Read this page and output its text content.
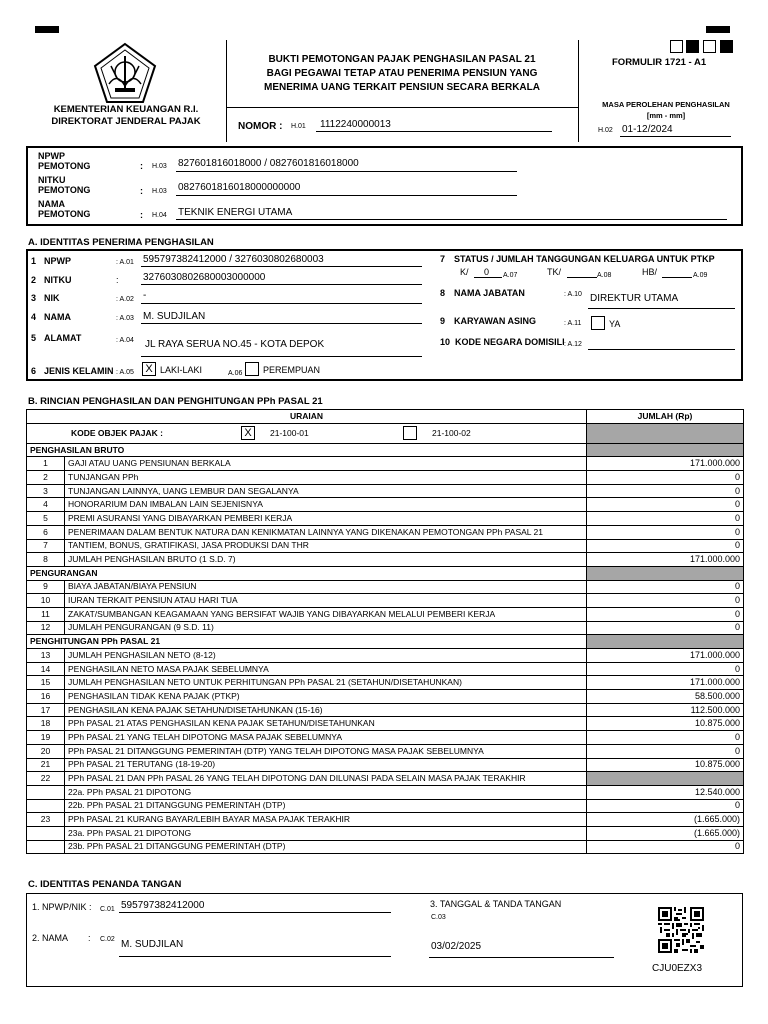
KEMENTERIAN KEUANGAN R.I.
DIREKTORAT JENDERAL PAJAK
BUKTI PEMOTONGAN PAJAK PENGHASILAN PASAL 21
BAGI PEGAWAI TETAP ATAU PENERIMA PENSIUN YANG
MENERIMA UANG TERKAIT PENSIUN SECARA BERKALA
NOMOR : H.01 1112240000013
FORMULIR 1721 - A1
MASA PEROLEHAN PENGHASILAN
[mm - mm]
H.02 01-12/2024
NPWP
PEMOTONG	: H.03 827601816018000 / 0827601816018000
NITKU
PEMOTONG	: H.03 0827601816018000000000
NAMA
PEMOTONG	: H.04 TEKNIK ENERGI UTAMA
A. IDENTITAS PENERIMA PENGHASILAN
1 NPWP	: A.01 595797382412000 / 3276030802680003
2 NITKU	: 3276030802680003000000
3 NIK	: A.02 -
4 NAMA	: A.03 M. SUDJILAN
5 ALAMAT	: A.04 JL RAYA SERUA NO.45 - KOTA DEPOK
6 JENIS KELAMIN : A.05	X LAKI-LAKI	A.06 PEREMPUAN
7 STATUS / JUMLAH TANGGUNGAN KELUARGA UNTUK PTKP
K/ 0 A.07	TK/	A.08	HB/	A.09
8 NAMA JABATAN	: A.10 DIREKTUR UTAMA
9 KARYAWAN ASING	: A.11	YA
10 KODE NEGARA DOMISILI : A.12
B. RINCIAN PENGHASILAN DAN PENGHITUNGAN PPh PASAL 21
URAIAN		JUMLAH (Rp)

KODE OBJEK PAJAK : X 21-100-01 21-100-02		

PENGHASILAN BRUTO		
1	GAJI ATAU UANG PENSIUNAN BERKALA	171.000.000
2	TUNJANGAN PPh	0
3	TUNJANGAN LAINNYA, UANG LEMBUR DAN SEGALANYA	0
4	HONORARIUM DAN IMBALAN LAIN SEJENISNYA	0
5	PREMI ASURANSI YANG DIBAYARKAN PEMBERI KERJA	0
6	PENERIMAAN DALAM BENTUK NATURA DAN KENIKMATAN LAINNYA YANG DIKENAKAN PEMOTONGAN PPh PASAL 21	0
7	TANTIEM, BONUS, GRATIFIKASI, JASA PRODUKSI DAN THR	0
8	JUMLAH PENGHASILAN BRUTO (1 S.D. 7)	171.000.000
PENGURANGAN		
9	BIAYA JABATAN/BIAYA PENSIUN	0
10	IURAN TERKAIT PENSIUN ATAU HARI TUA	0
11	ZAKAT/SUMBANGAN KEAGAMAAN YANG BERSIFAT WAJIB YANG DIBAYARKAN MELALUI PEMBERI KERJA	0
12	JUMLAH PENGURANGAN (9 S.D. 11)	0
PENGHITUNGAN PPh PASAL 21		
13	JUMLAH PENGHASILAN NETO (8-12)	171.000.000
14	PENGHASILAN NETO MASA PAJAK SEBELUMNYA	0
15	JUMLAH PENGHASILAN NETO UNTUK PERHITUNGAN PPh PASAL 21 (SETAHUN/DISETAHUNKAN)	171.000.000
16	PENGHASILAN TIDAK KENA PAJAK (PTKP)	58.500.000
17	PENGHASILAN KENA PAJAK SETAHUN/DISETAHUNKAN (15-16)	112.500.000
18	PPh PASAL 21 ATAS PENGHASILAN KENA PAJAK SETAHUN/DISETAHUNKAN	10.875.000
19	PPh PASAL 21 YANG TELAH DIPOTONG MASA PAJAK SEBELUMNYA	0
20	PPh PASAL 21 DITANGGUNG PEMERINTAH (DTP) YANG TELAH DIPOTONG MASA PAJAK SEBELUMNYA	0
21	PPh PASAL 21 TERUTANG (18-19-20)	10.875.000
22	PPh PASAL 21 DAN PPh PASAL 26 YANG TELAH DIPOTONG DAN DILUNASI PADA SELAIN MASA PAJAK TERAKHIR	
	22a. PPh PASAL 21 DIPOTONG	12.540.000
	22b. PPh PASAL 21 DITANGGUNG PEMERINTAH (DTP)	0
23	PPh PASAL 21 KURANG BAYAR/LEBIH BAYAR MASA PAJAK TERAKHIR	(1.665.000)
	23a. PPh PASAL 21 DIPOTONG	(1.665.000)
	23b. PPh PASAL 21 DITANGGUNG PEMERINTAH (DTP)	0
C. IDENTITAS PENANDA TANGAN
1. NPWP/NIK : C.01 595797382412000
2. NAMA : C.02 M. SUDJILAN
3. TANGGAL & TANDA TANGAN
C.03
03/02/2025
CJU0EZX3
